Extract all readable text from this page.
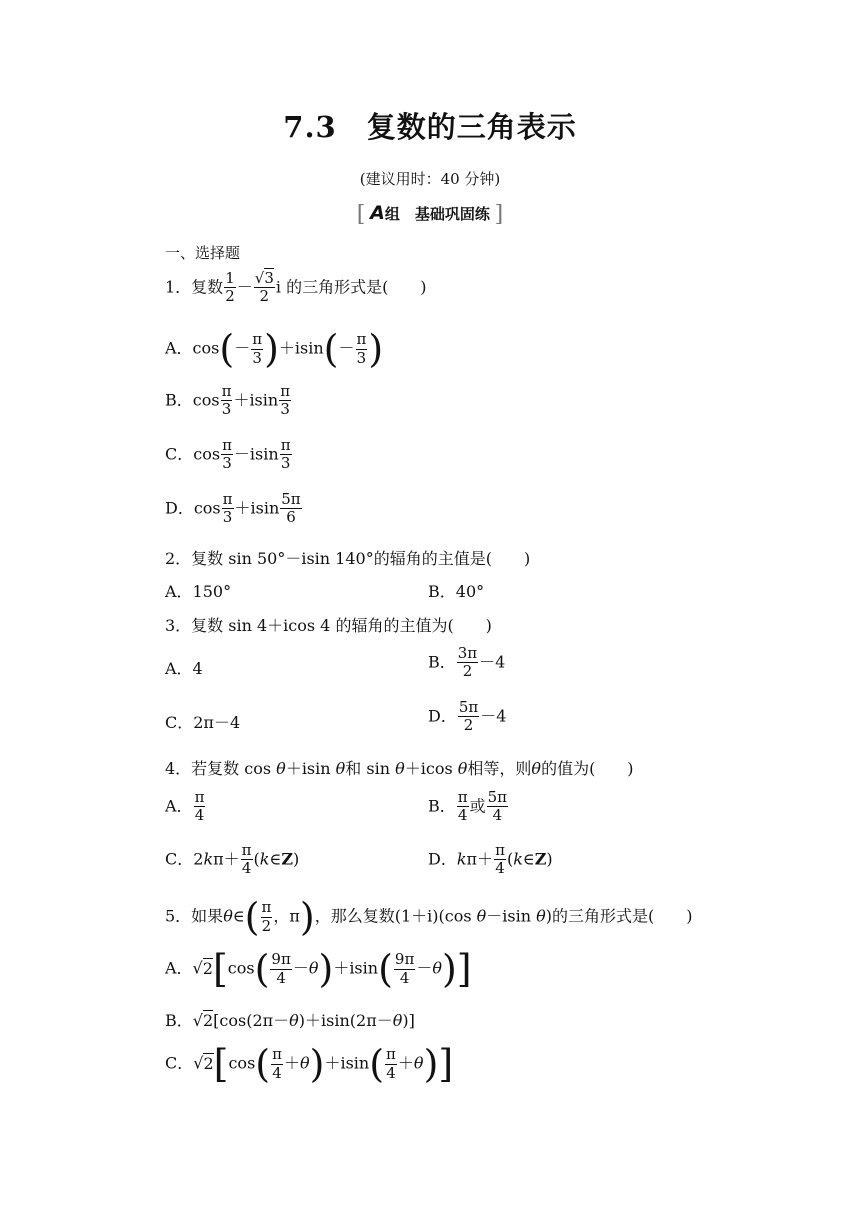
7.3　复数的三角表示
(建议用时：40 分钟)
[ A组　基础巩固练 ]
一、选择题
1．复数 $\frac{1}{2} - \frac{√3}{2}$ i 的三角形式是(　　)
A．$\cos(- \frac{\pi}{3} )+isin(- \frac{\pi}{3}$ )
B．$\cos \frac{\pi}{3} +isin \frac{\pi}{3}$
C．$\cos \frac{\pi}{3} -isin \frac{\pi}{3}$
D．$\cos \frac{\pi}{3} +isin \frac{5\pi}{6}$
2．复数 sin 50°－isin 140°的辐角的主值是(　　)
A．150°	B．40°
3．复数 sin 4＋icos 4 的辐角的主值为(　　)
A．4	B． $\frac{3\pi}{2} -4$
C．2π－4	D． $\frac{5\pi}{2} -4$
4．若复数 cos θ＋isin θ和 sin θ＋icos θ相等，则θ的值为(　　)
A． $\frac{\pi}{4}$	B． $\frac{\pi}{4}$ 或 $\frac{5\pi}{4}$
C．$2k\pi+ \frac{\pi}{4}$ (k∈Z)	D．$k\pi+ \frac{\pi}{4}$ (k∈Z)
5．如果θ∈( $\frac{\pi}{2}$ ，π)，那么复数(1＋i)(cos θ－isin θ)的三角形式是(　　)
A．$√2[\cos( \frac{9\pi}{4} -\theta)+isin( \frac{9\pi}{4} -\theta)]$
B．√2[cos(2π－θ)＋isin(2π－θ)]
C．$√2[\cos( \frac{\pi}{4} +\theta)+isin( \frac{\pi}{4} +\theta)]$
